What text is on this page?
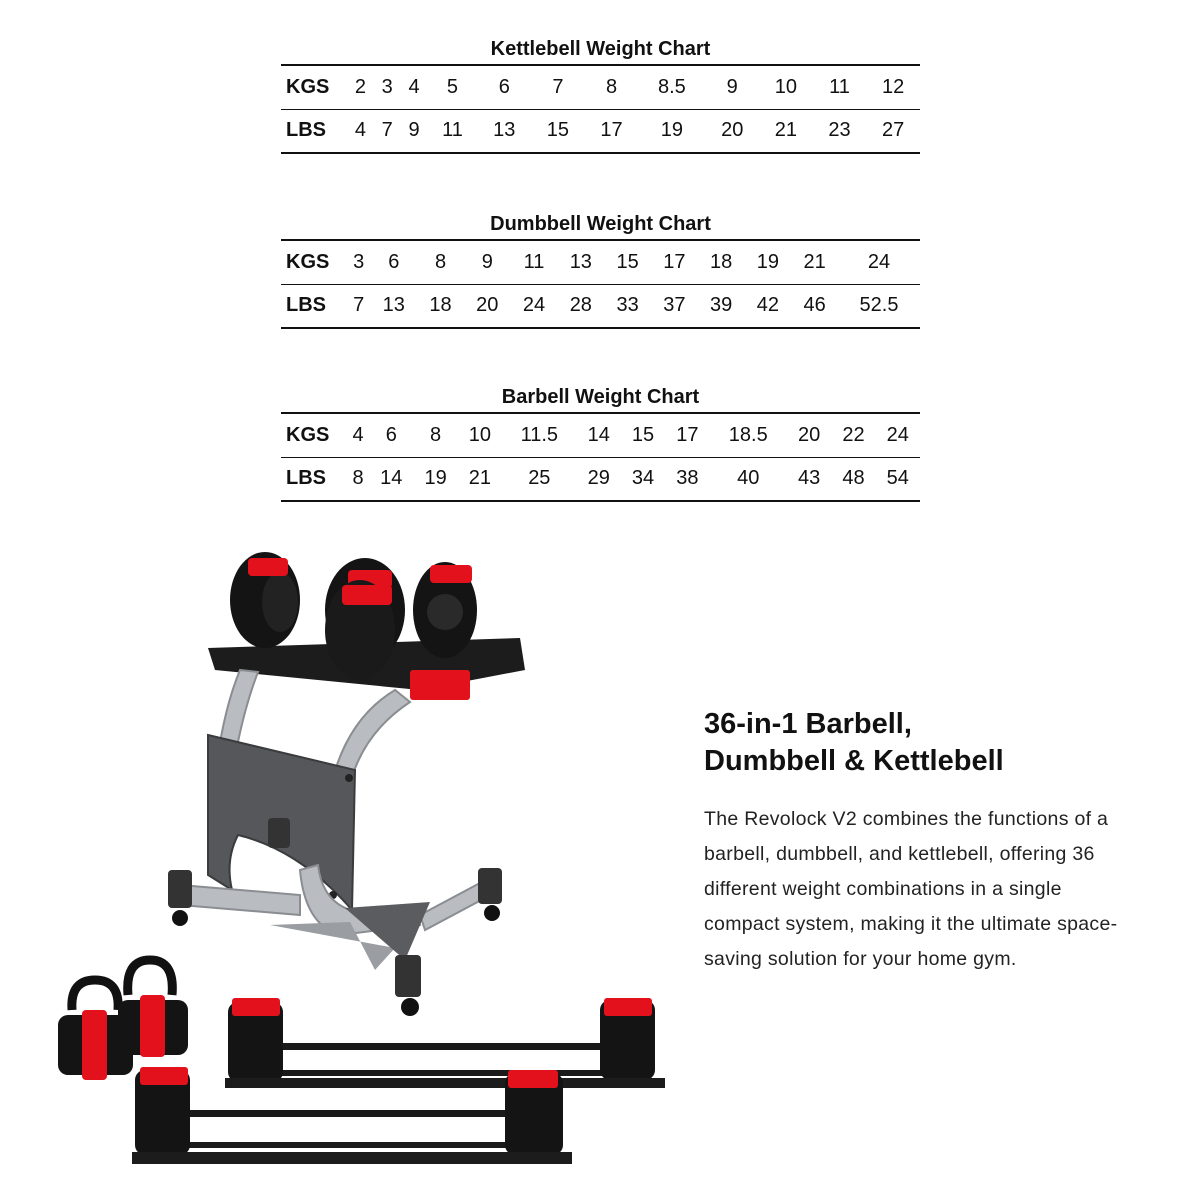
Kettlebell Weight Chart
KGS	2	3	4	5	6	7	8	8.5	9	10	11	12
LBS	4	7	9	11	13	15	17	19	20	21	23	27
Dumbbell Weight Chart
KGS	3	6	8	9	11	13	15	17	18	19	21	24
LBS	7	13	18	20	24	28	33	37	39	42	46	52.5
Barbell Weight Chart
KGS	4	6	8	10	11.5	14	15	17	18.5	20	22	24
LBS	8	14	19	21	25	29	34	38	40	43	48	54
36-in-1 Barbell,
Dumbbell & Kettlebell

The Revolock V2 combines the functions of a barbell, dumbbell, and kettlebell, offering 36 different weight combinations in a single compact system, making it the ultimate space-saving solution for your home gym.
